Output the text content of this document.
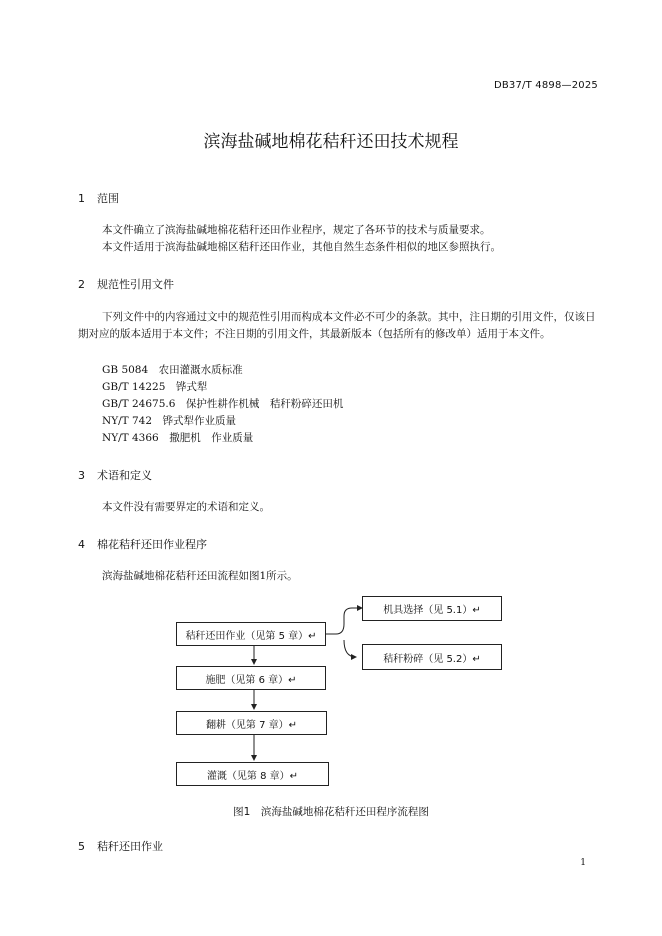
DB37/T 4898—2025
滨海盐碱地棉花秸秆还田技术规程
1 范围
本文件确立了滨海盐碱地棉花秸秆还田作业程序，规定了各环节的技术与质量要求。
本文件适用于滨海盐碱地棉区秸秆还田作业，其他自然生态条件相似的地区参照执行。
2 规范性引用文件
下列文件中的内容通过文中的规范性引用而构成本文件必不可少的条款。其中，注日期的引用文件，仅该日期对应的版本适用于本文件；不注日期的引用文件，其最新版本（包括所有的修改单）适用于本文件。
GB 5084　农田灌溉水质标准
GB/T 14225　铧式犁
GB/T 24675.6　保护性耕作机械　秸秆粉碎还田机
NY/T 742　铧式犁作业质量
NY/T 4366　撒肥机　作业质量
3 术语和定义
本文件没有需要界定的术语和定义。
4 棉花秸秆还田作业程序
滨海盐碱地棉花秸秆还田流程如图1所示。
秸秆还田作业（见第 5 章）↵
机具选择（见 5.1）↵
秸秆粉碎（见 5.2）↵
施肥（见第 6 章）↵
翻耕（见第 7 章）↵
灌溉（见第 8 章）↵
图1　滨海盐碱地棉花秸秆还田程序流程图
5 秸秆还田作业
1
